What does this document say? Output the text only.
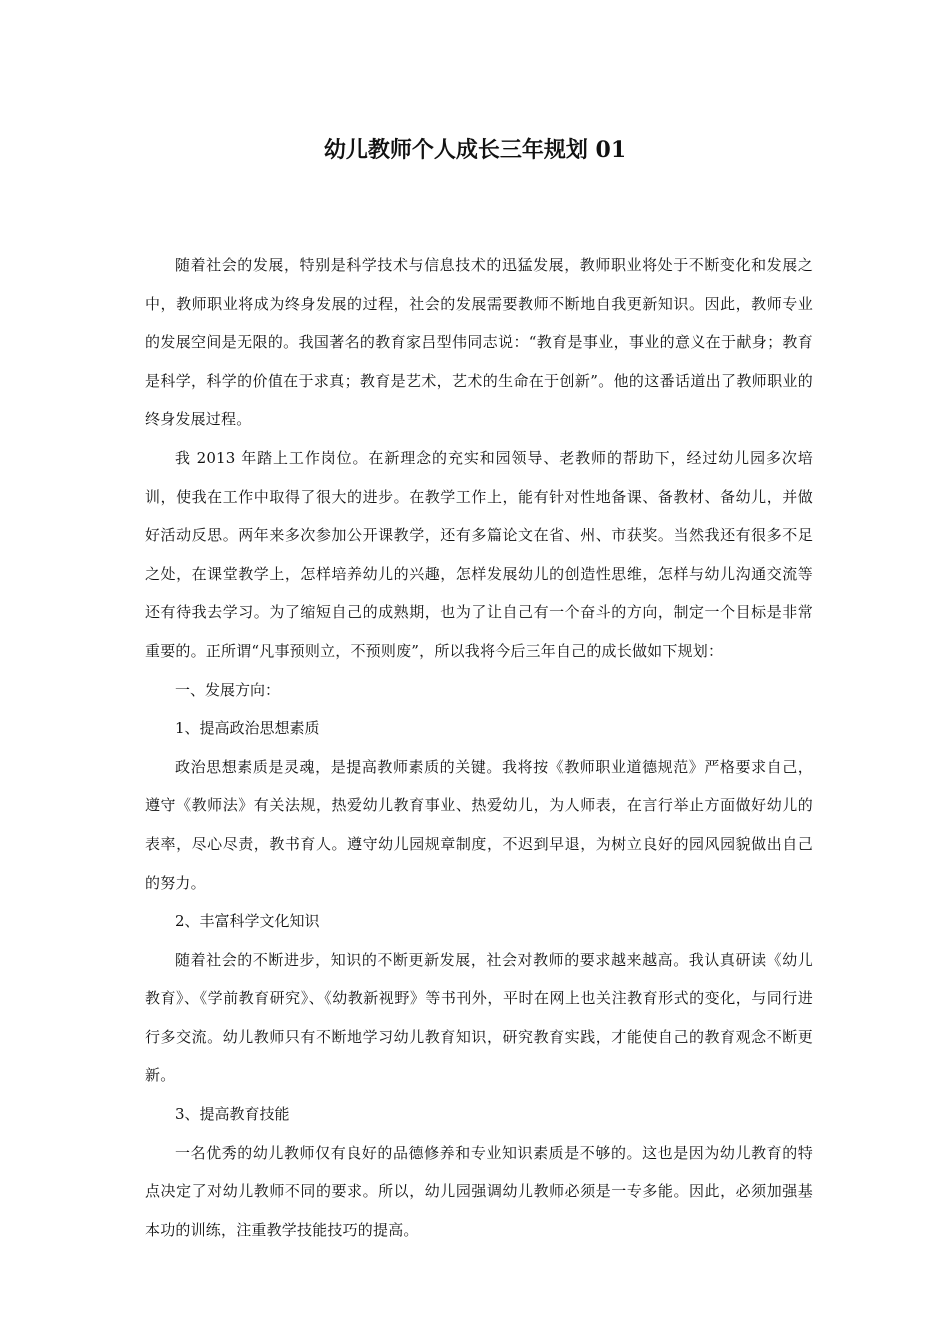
幼儿教师个人成长三年规划 01

随着社会的发展，特别是科学技术与信息技术的迅猛发展，教师职业将处于不断变化和发展之中，教师职业将成为终身发展的过程，社会的发展需要教师不断地自我更新知识。因此，教师专业的发展空间是无限的。我国著名的教育家吕型伟同志说：“教育是事业，事业的意义在于献身；教育是科学，科学的价值在于求真；教育是艺术，艺术的生命在于创新”。他的这番话道出了教师职业的终身发展过程。

我 2013 年踏上工作岗位。在新理念的充实和园领导、老教师的帮助下，经过幼儿园多次培训，使我在工作中取得了很大的进步。在教学工作上，能有针对性地备课、备教材、备幼儿，并做好活动反思。两年来多次参加公开课教学，还有多篇论文在省、州、市获奖。当然我还有很多不足之处，在课堂教学上，怎样培养幼儿的兴趣，怎样发展幼儿的创造性思维，怎样与幼儿沟通交流等还有待我去学习。为了缩短自己的成熟期，也为了让自己有一个奋斗的方向，制定一个目标是非常重要的。正所谓“凡事预则立，不预则废”，所以我将今后三年自己的成长做如下规划：

一、发展方向：

1、提高政治思想素质

政治思想素质是灵魂，是提高教师素质的关键。我将按《教师职业道德规范》严格要求自己，遵守《教师法》有关法规，热爱幼儿教育事业、热爱幼儿，为人师表，在言行举止方面做好幼儿的表率，尽心尽责，教书育人。遵守幼儿园规章制度，不迟到早退，为树立良好的园风园貌做出自己的努力。

2、丰富科学文化知识

随着社会的不断进步，知识的不断更新发展，社会对教师的要求越来越高。我认真研读《幼儿教育》、《学前教育研究》、《幼教新视野》等书刊外，平时在网上也关注教育形式的变化，与同行进行多交流。幼儿教师只有不断地学习幼儿教育知识，研究教育实践，才能使自己的教育观念不断更新。

3、提高教育技能

一名优秀的幼儿教师仅有良好的品德修养和专业知识素质是不够的。这也是因为幼儿教育的特点决定了对幼儿教师不同的要求。所以，幼儿园强调幼儿教师必须是一专多能。因此，必须加强基本功的训练，注重教学技能技巧的提高。
